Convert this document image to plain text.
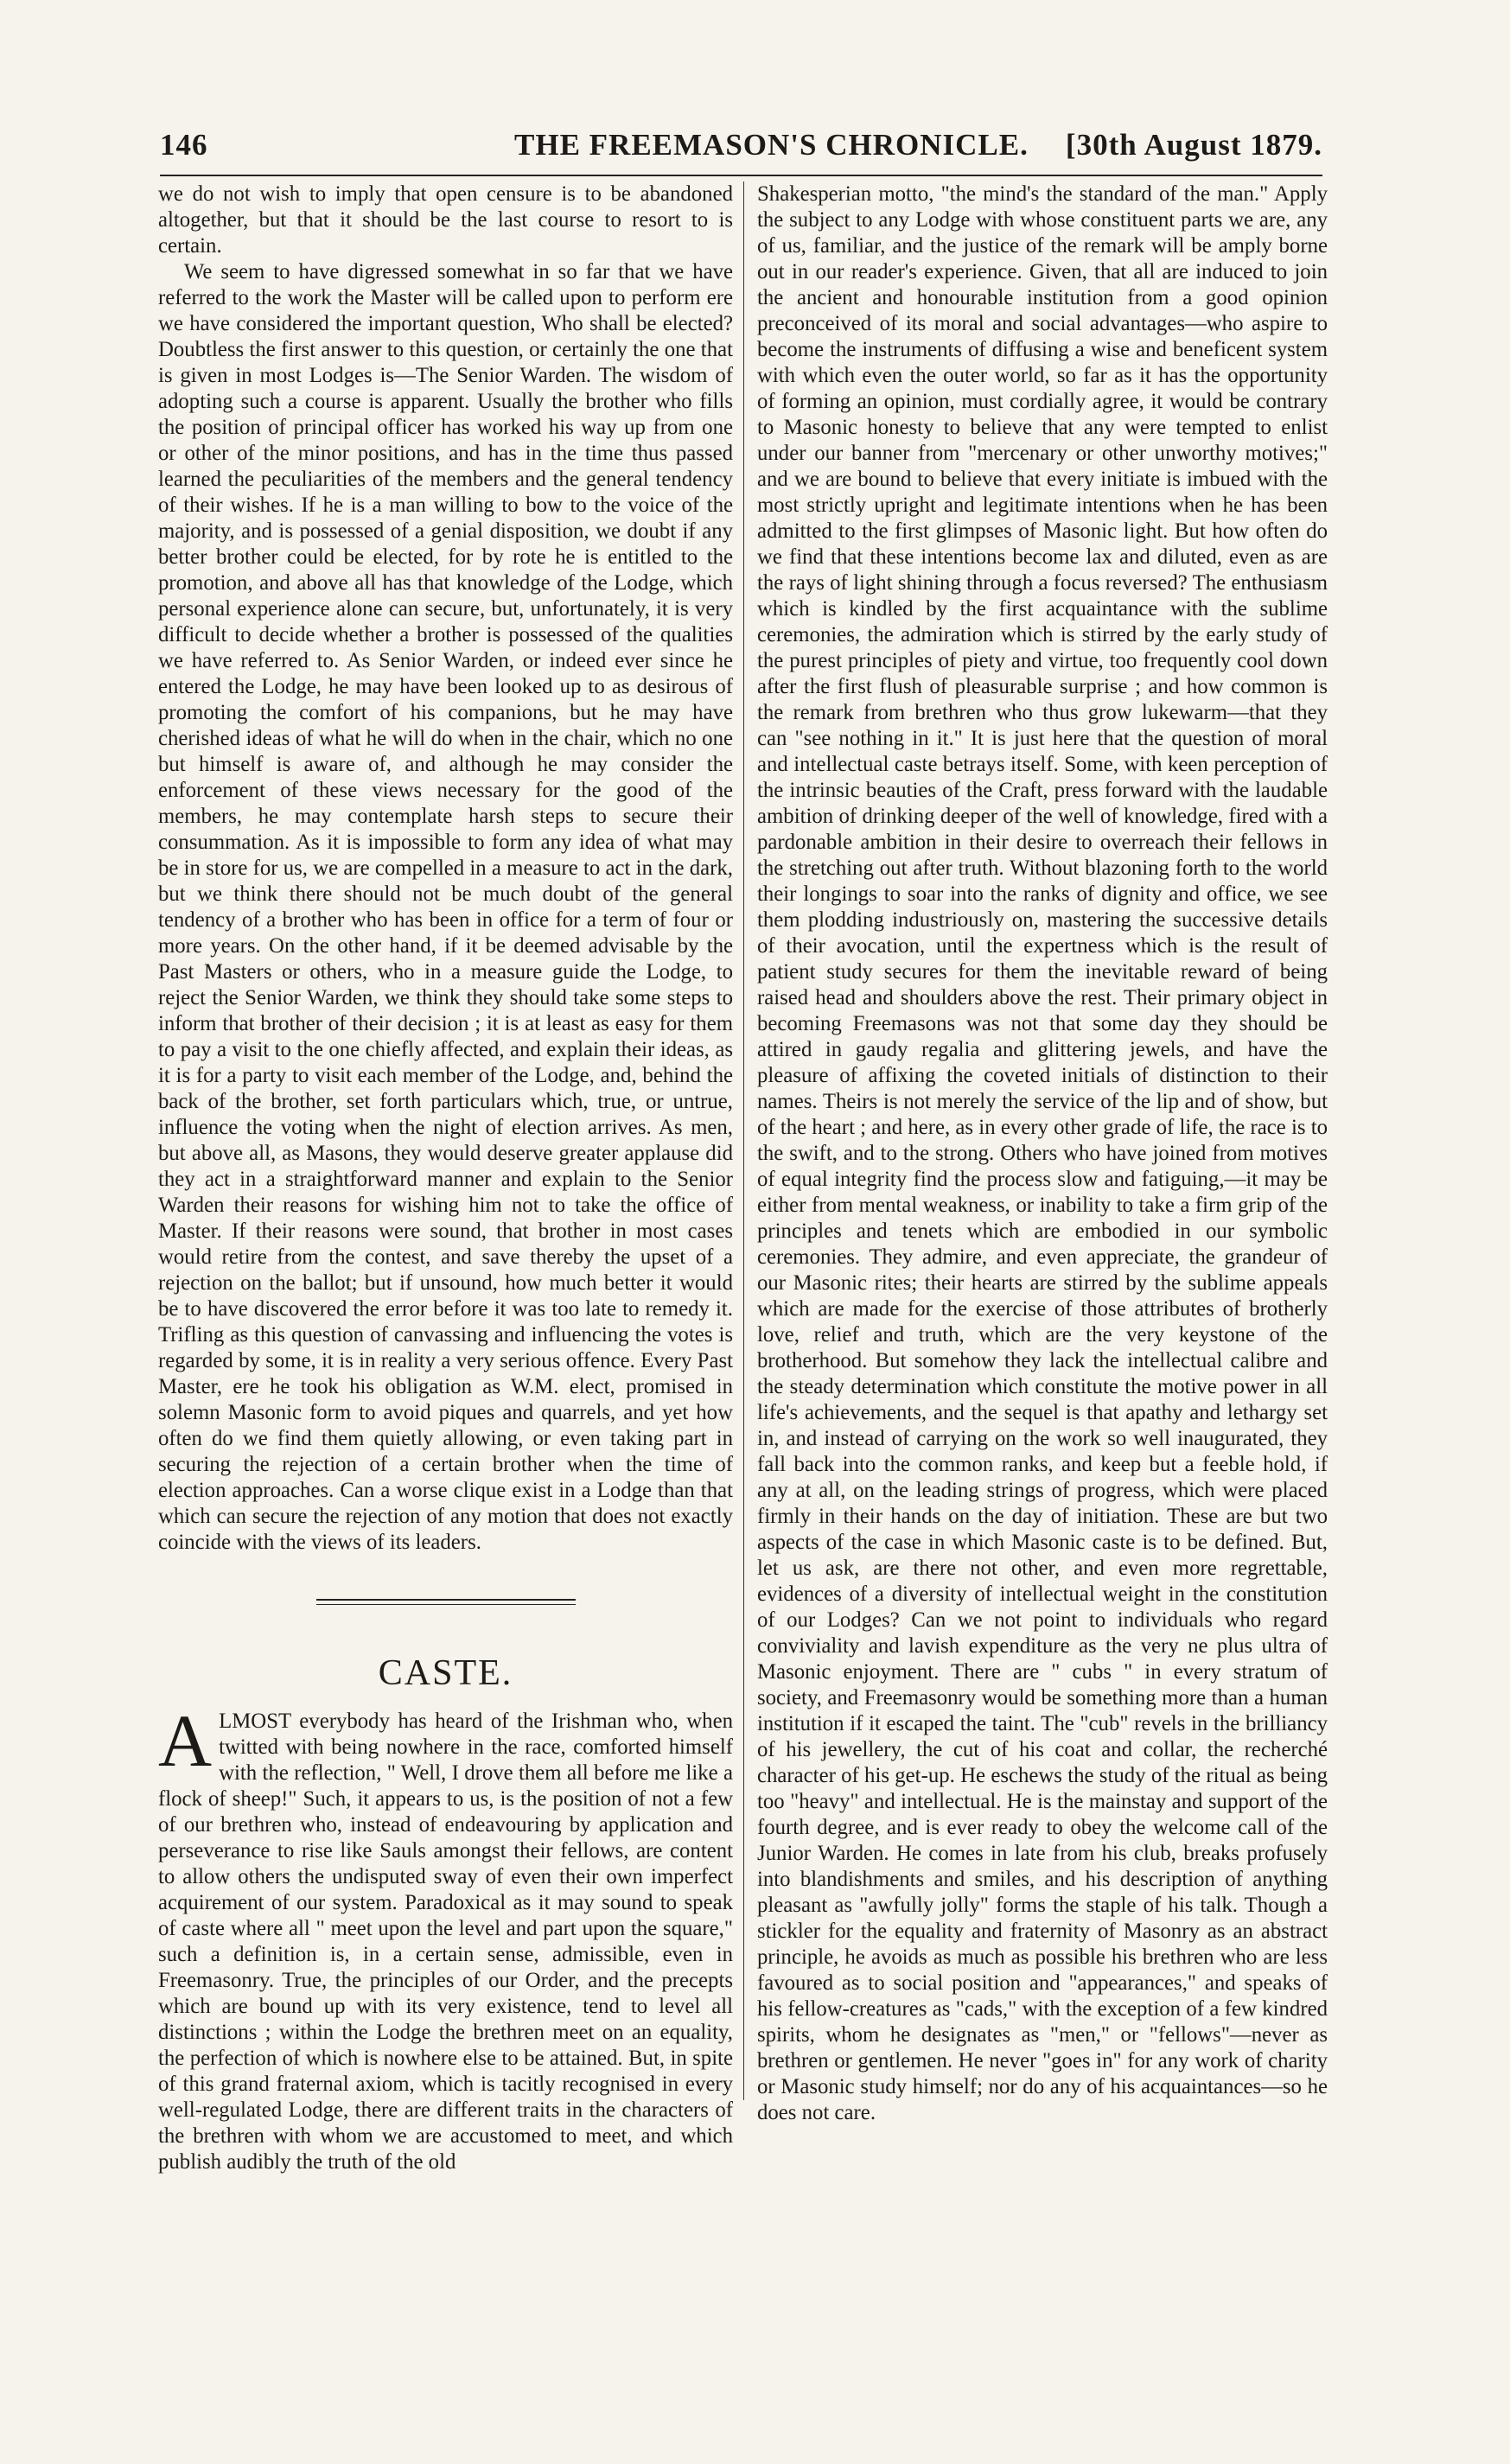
146	THE FREEMASON'S CHRONICLE. [30th August 1879.

we do not wish to imply that open censure is to be abandoned altogether, but that it should be the last course to resort to is certain.

We seem to have digressed somewhat in so far that we have referred to the work the Master will be called upon to perform ere we have considered the important question, Who shall be elected? Doubtless the first answer to this question, or certainly the one that is given in most Lodges is—The Senior Warden. The wisdom of adopting such a course is apparent. Usually the brother who fills the position of principal officer has worked his way up from one or other of the minor positions, and has in the time thus passed learned the peculiarities of the members and the general tendency of their wishes. If he is a man willing to bow to the voice of the majority, and is possessed of a genial disposition, we doubt if any better brother could be elected, for by rote he is entitled to the promotion, and above all has that knowledge of the Lodge, which personal experience alone can secure, but, unfortunately, it is very difficult to decide whether a brother is possessed of the qualities we have referred to. As Senior Warden, or indeed ever since he entered the Lodge, he may have been looked up to as desirous of promoting the comfort of his companions, but he may have cherished ideas of what he will do when in the chair, which no one but himself is aware of, and although he may consider the enforcement of these views necessary for the good of the members, he may contemplate harsh steps to secure their consummation. As it is impossible to form any idea of what may be in store for us, we are compelled in a measure to act in the dark, but we think there should not be much doubt of the general tendency of a brother who has been in office for a term of four or more years. On the other hand, if it be deemed advisable by the Past Masters or others, who in a measure guide the Lodge, to reject the Senior Warden, we think they should take some steps to inform that brother of their decision ; it is at least as easy for them to pay a visit to the one chiefly affected, and explain their ideas, as it is for a party to visit each member of the Lodge, and, behind the back of the brother, set forth particulars which, true, or untrue, influence the voting when the night of election arrives. As men, but above all, as Masons, they would deserve greater applause did they act in a straightforward manner and explain to the Senior Warden their reasons for wishing him not to take the office of Master. If their reasons were sound, that brother in most cases would retire from the contest, and save thereby the upset of a rejection on the ballot; but if unsound, how much better it would be to have discovered the error before it was too late to remedy it. Trifling as this question of canvassing and influencing the votes is regarded by some, it is in reality a very serious offence. Every Past Master, ere he took his obligation as W.M. elect, promised in solemn Masonic form to avoid piques and quarrels, and yet how often do we find them quietly allowing, or even taking part in securing the rejection of a certain brother when the time of election approaches. Can a worse clique exist in a Lodge than that which can secure the rejection of any motion that does not exactly coincide with the views of its leaders.

CASTE.

ALMOST everybody has heard of the Irishman who, when twitted with being nowhere in the race, comforted himself with the reflection, " Well, I drove them all before me like a flock of sheep!" Such, it appears to us, is the position of not a few of our brethren who, instead of endeavouring by application and perseverance to rise like Sauls amongst their fellows, are content to allow others the undisputed sway of even their own imperfect acquirement of our system. Paradoxical as it may sound to speak of caste where all " meet upon the level and part upon the square," such a definition is, in a certain sense, admissible, even in Freemasonry. True, the principles of our Order, and the precepts which are bound up with its very existence, tend to level all distinctions ; within the Lodge the brethren meet on an equality, the perfection of which is nowhere else to be attained. But, in spite of this grand fraternal axiom, which is tacitly recognised in every well-regulated Lodge, there are different traits in the characters of the brethren with whom we are accustomed to meet, and which publish audibly the truth of the old

Shakesperian motto, "the mind's the standard of the man." Apply the subject to any Lodge with whose constituent parts we are, any of us, familiar, and the justice of the remark will be amply borne out in our reader's experience. Given, that all are induced to join the ancient and honourable institution from a good opinion preconceived of its moral and social advantages—who aspire to become the instruments of diffusing a wise and beneficent system with which even the outer world, so far as it has the opportunity of forming an opinion, must cordially agree, it would be contrary to Masonic honesty to believe that any were tempted to enlist under our banner from "mercenary or other unworthy motives;" and we are bound to believe that every initiate is imbued with the most strictly upright and legitimate intentions when he has been admitted to the first glimpses of Masonic light. But how often do we find that these intentions become lax and diluted, even as are the rays of light shining through a focus reversed? The enthusiasm which is kindled by the first acquaintance with the sublime ceremonies, the admiration which is stirred by the early study of the purest principles of piety and virtue, too frequently cool down after the first flush of pleasurable surprise ; and how common is the remark from brethren who thus grow lukewarm—that they can "see nothing in it." It is just here that the question of moral and intellectual caste betrays itself. Some, with keen perception of the intrinsic beauties of the Craft, press forward with the laudable ambition of drinking deeper of the well of knowledge, fired with a pardonable ambition in their desire to overreach their fellows in the stretching out after truth. Without blazoning forth to the world their longings to soar into the ranks of dignity and office, we see them plodding industriously on, mastering the successive details of their avocation, until the expertness which is the result of patient study secures for them the inevitable reward of being raised head and shoulders above the rest. Their primary object in becoming Freemasons was not that some day they should be attired in gaudy regalia and glittering jewels, and have the pleasure of affixing the coveted initials of distinction to their names. Theirs is not merely the service of the lip and of show, but of the heart ; and here, as in every other grade of life, the race is to the swift, and to the strong. Others who have joined from motives of equal integrity find the process slow and fatiguing,—it may be either from mental weakness, or inability to take a firm grip of the principles and tenets which are embodied in our symbolic ceremonies. They admire, and even appreciate, the grandeur of our Masonic rites; their hearts are stirred by the sublime appeals which are made for the exercise of those attributes of brotherly love, relief and truth, which are the very keystone of the brotherhood. But somehow they lack the intellectual calibre and the steady determination which constitute the motive power in all life's achievements, and the sequel is that apathy and lethargy set in, and instead of carrying on the work so well inaugurated, they fall back into the common ranks, and keep but a feeble hold, if any at all, on the leading strings of progress, which were placed firmly in their hands on the day of initiation. These are but two aspects of the case in which Masonic caste is to be defined. But, let us ask, are there not other, and even more regrettable, evidences of a diversity of intellectual weight in the constitution of our Lodges? Can we not point to individuals who regard conviviality and lavish expenditure as the very ne plus ultra of Masonic enjoyment. There are " cubs " in every stratum of society, and Freemasonry would be something more than a human institution if it escaped the taint. The "cub" revels in the brilliancy of his jewellery, the cut of his coat and collar, the recherché character of his get-up. He eschews the study of the ritual as being too "heavy" and intellectual. He is the mainstay and support of the fourth degree, and is ever ready to obey the welcome call of the Junior Warden. He comes in late from his club, breaks profusely into blandishments and smiles, and his description of anything pleasant as "awfully jolly" forms the staple of his talk. Though a stickler for the equality and fraternity of Masonry as an abstract principle, he avoids as much as possible his brethren who are less favoured as to social position and "appearances," and speaks of his fellow-creatures as "cads," with the exception of a few kindred spirits, whom he designates as "men," or "fellows"—never as brethren or gentlemen. He never "goes in" for any work of charity or Masonic study himself; nor do any of his acquaintances—so he does not care.
